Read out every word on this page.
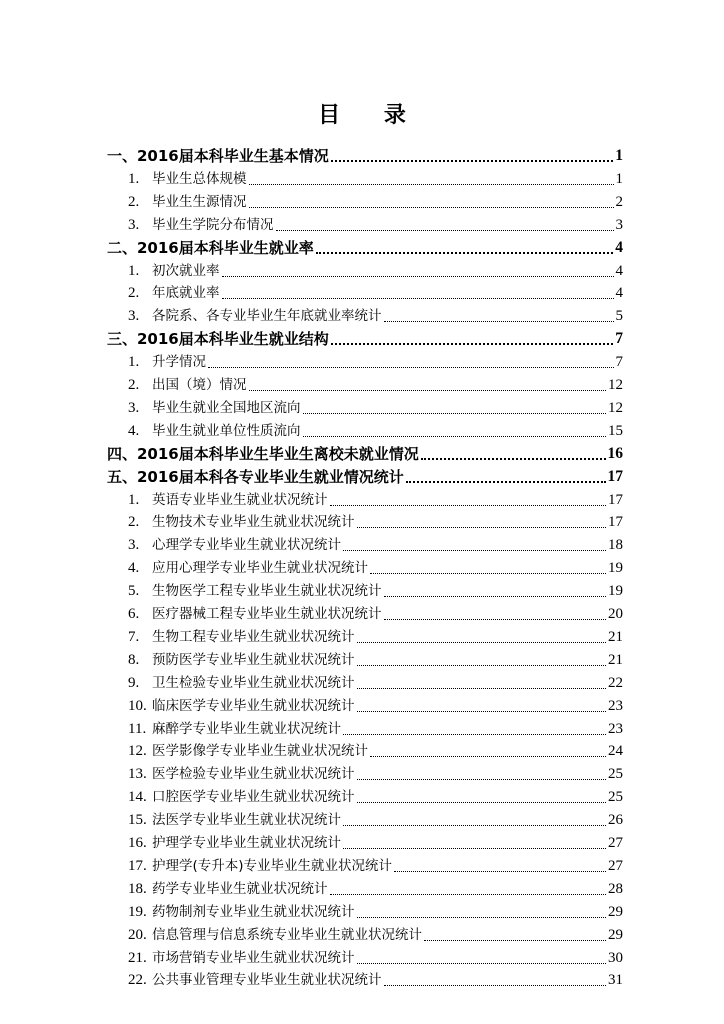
目 录
一、2016届本科毕业生基本情况	1
1. 毕业生总体规模	1
2. 毕业生生源情况	2
3. 毕业生学院分布情况	3
二、2016届本科毕业生就业率	4
1. 初次就业率	4
2. 年底就业率	4
3. 各院系、各专业毕业生年底就业率统计	5
三、2016届本科毕业生就业结构	7
1. 升学情况	7
2. 出国（境）情况	12
3. 毕业生就业全国地区流向	12
4. 毕业生就业单位性质流向	15
四、2016届本科毕业生毕业生离校未就业情况	16
五、2016届本科各专业毕业生就业情况统计	17
1. 英语专业毕业生就业状况统计	17
2. 生物技术专业毕业生就业状况统计	17
3. 心理学专业毕业生就业状况统计	18
4. 应用心理学专业毕业生就业状况统计	19
5. 生物医学工程专业毕业生就业状况统计	19
6. 医疗器械工程专业毕业生就业状况统计	20
7. 生物工程专业毕业生就业状况统计	21
8. 预防医学专业毕业生就业状况统计	21
9. 卫生检验专业毕业生就业状况统计	22
10. 临床医学专业毕业生就业状况统计	23
11. 麻醉学专业毕业生就业状况统计	23
12. 医学影像学专业毕业生就业状况统计	24
13. 医学检验专业毕业生就业状况统计	25
14. 口腔医学专业毕业生就业状况统计	25
15. 法医学专业毕业生就业状况统计	26
16. 护理学专业毕业生就业状况统计	27
17. 护理学(专升本)专业毕业生就业状况统计	27
18. 药学专业毕业生就业状况统计	28
19. 药物制剂专业毕业生就业状况统计	29
20. 信息管理与信息系统专业毕业生就业状况统计	29
21. 市场营销专业毕业生就业状况统计	30
22. 公共事业管理专业毕业生就业状况统计	31
